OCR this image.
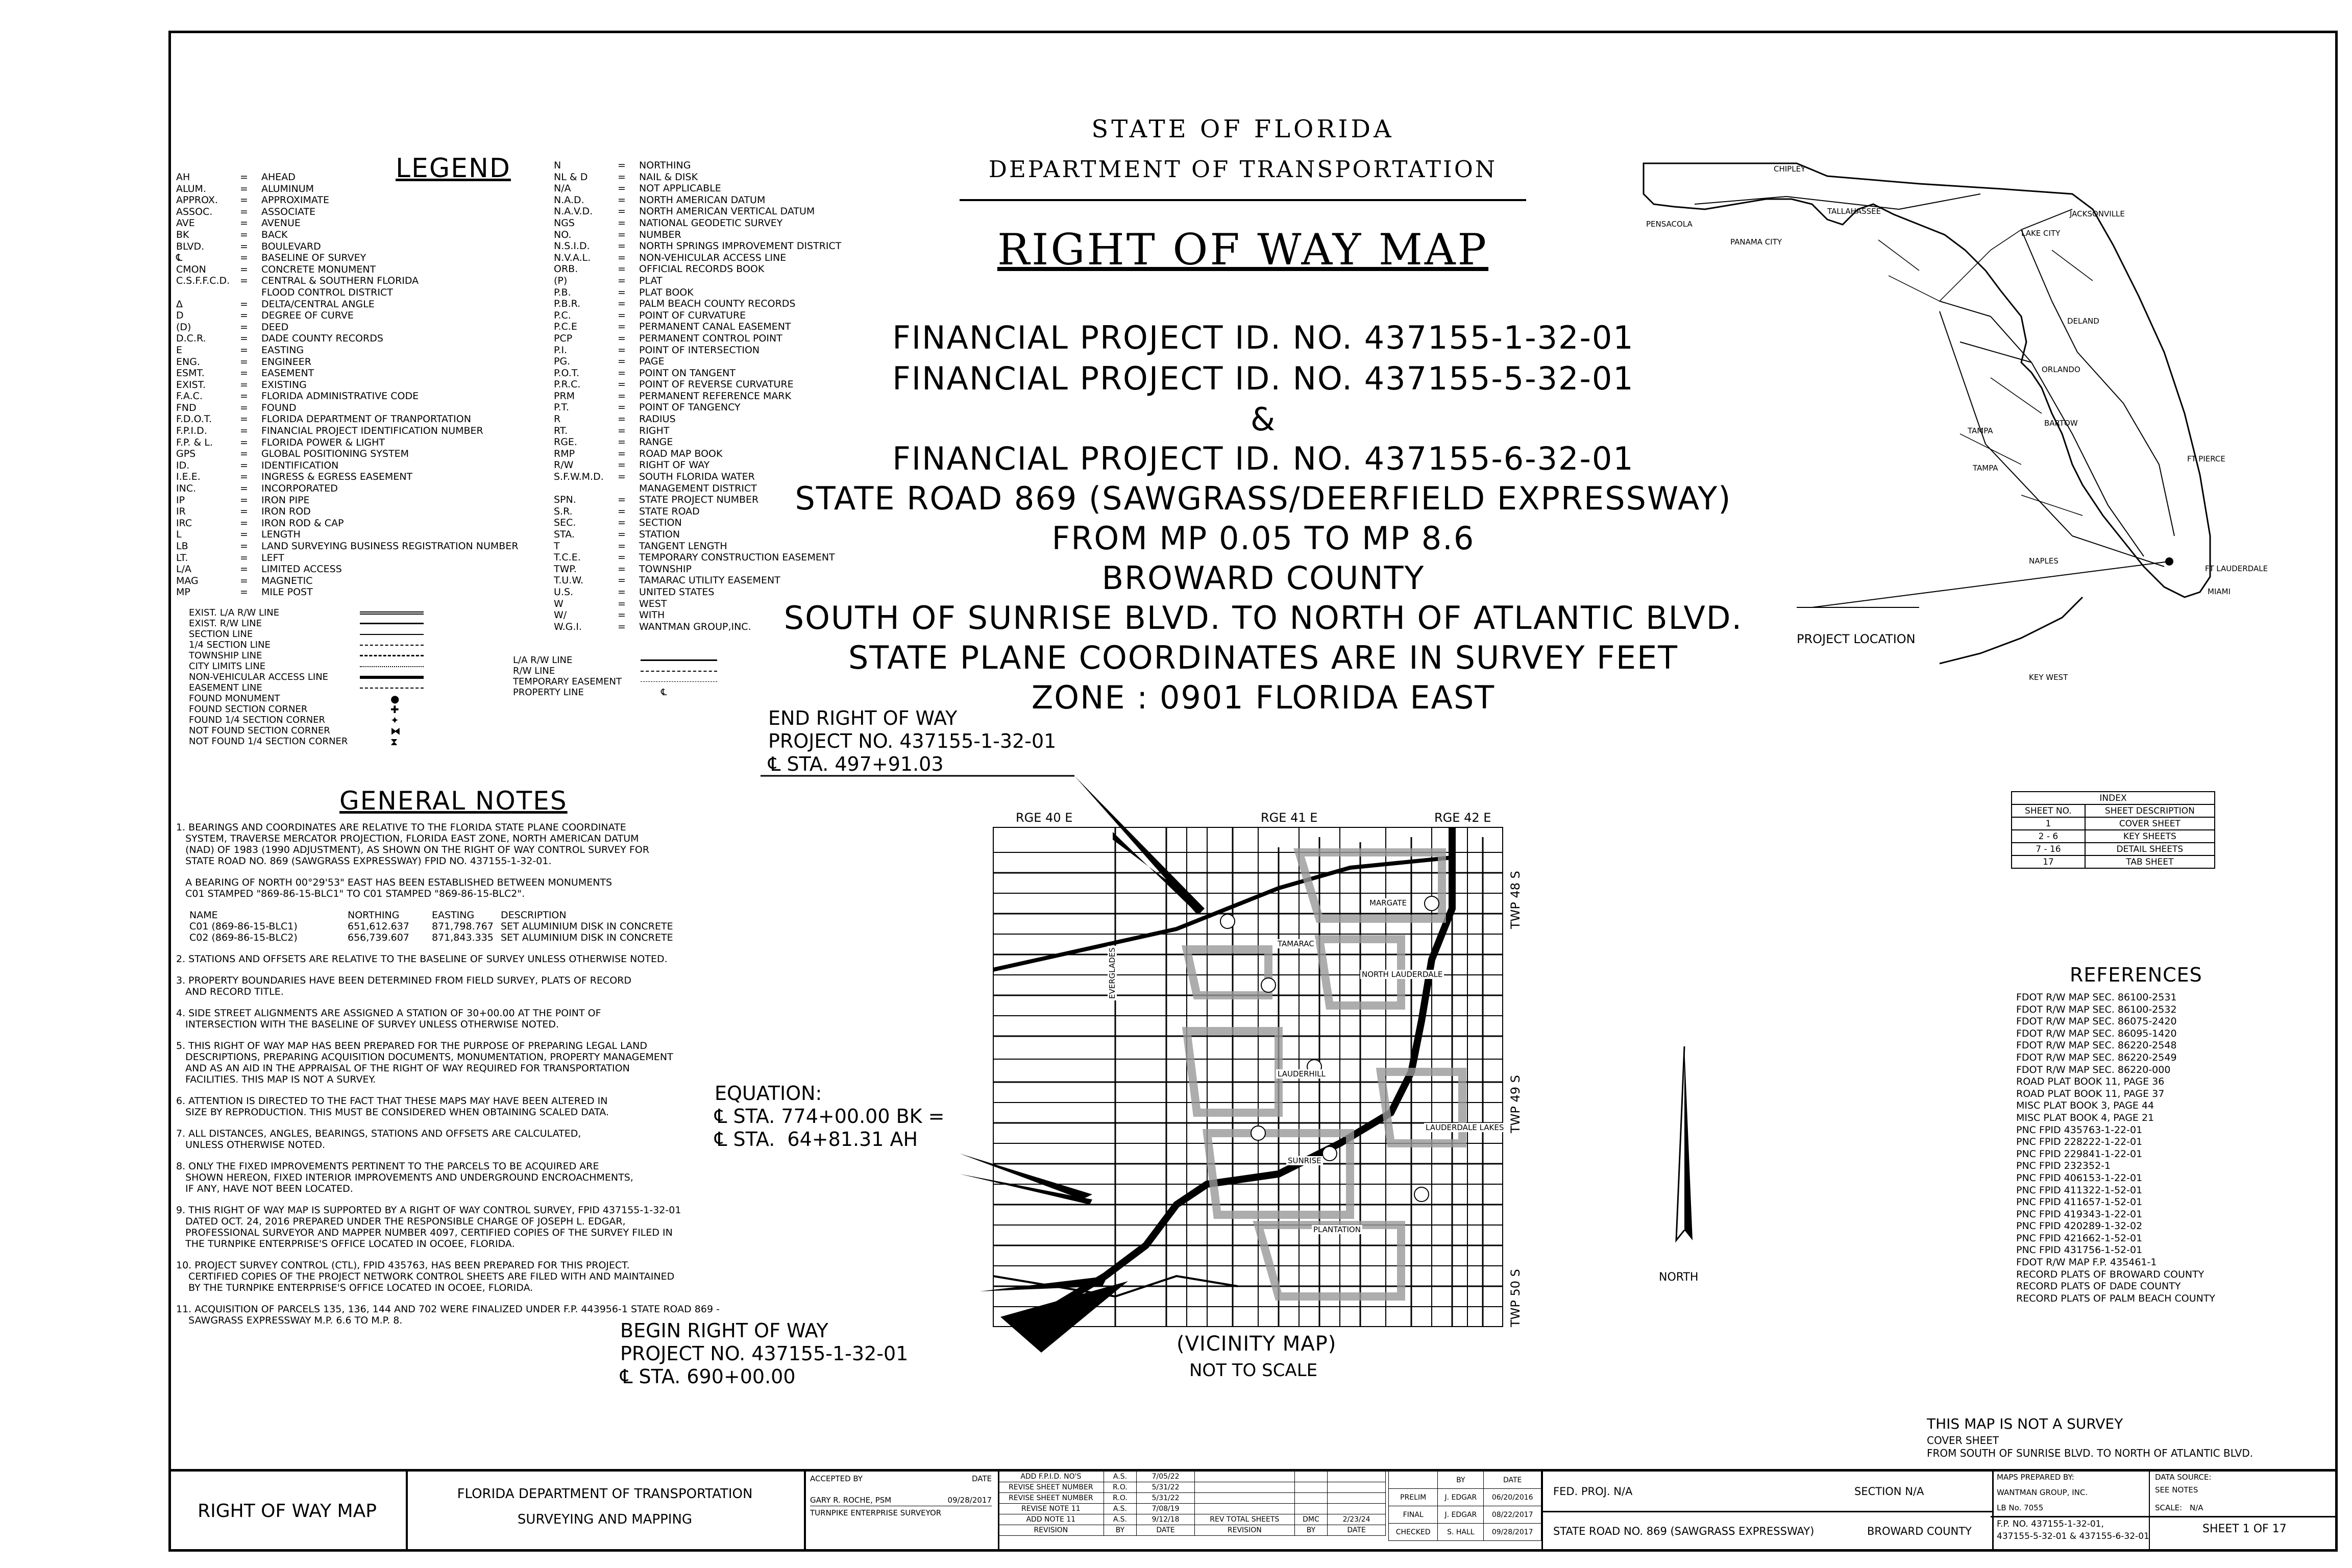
LEGEND
AH	=	AHEAD
ALUM.	=	ALUMINUM
APPROX.	=	APPROXIMATE
ASSOC.	=	ASSOCIATE
AVE	=	AVENUE
BK	=	BACK
BLVD.	=	BOULEVARD
℄	=	BASELINE OF SURVEY
CMON	=	CONCRETE MONUMENT
C.S.F.F.C.D.	=	CENTRAL & SOUTHERN FLORIDA
FLOOD CONTROL DISTRICT
Δ	=	DELTA/CENTRAL ANGLE
D	=	DEGREE OF CURVE
(D)	=	DEED
D.C.R.	=	DADE COUNTY RECORDS
E	=	EASTING
ENG.	=	ENGINEER
ESMT.	=	EASEMENT
EXIST.	=	EXISTING
F.A.C.	=	FLORIDA ADMINISTRATIVE CODE
FND	=	FOUND
F.D.O.T.	=	FLORIDA DEPARTMENT OF TRANPORTATION
F.P.I.D.	=	FINANCIAL PROJECT IDENTIFICATION NUMBER
F.P. & L.	=	FLORIDA POWER & LIGHT
GPS	=	GLOBAL POSITIONING SYSTEM
ID.	=	IDENTIFICATION
I.E.E.	=	INGRESS & EGRESS EASEMENT
INC.	=	INCORPORATED
IP	=	IRON PIPE
IR	=	IRON ROD
IRC	=	IRON ROD & CAP
L	=	LENGTH
LB	=	LAND SURVEYING BUSINESS REGISTRATION NUMBER
LT.	=	LEFT
L/A	=	LIMITED ACCESS
MAG	=	MAGNETIC
MP	=	MILE POST
N	=	NORTHING
NL & D	=	NAIL & DISK
N/A	=	NOT APPLICABLE
N.A.D.	=	NORTH AMERICAN DATUM
N.A.V.D.	=	NORTH AMERICAN VERTICAL DATUM
NGS	=	NATIONAL GEODETIC SURVEY
NO.	=	NUMBER
N.S.I.D.	=	NORTH SPRINGS IMPROVEMENT DISTRICT
N.V.A.L.	=	NON-VEHICULAR ACCESS LINE
ORB.	=	OFFICIAL RECORDS BOOK
(P)	=	PLAT
P.B.	=	PLAT BOOK
P.B.R.	=	PALM BEACH COUNTY RECORDS
P.C.	=	POINT OF CURVATURE
P.C.E	=	PERMANENT CANAL EASEMENT
PCP	=	PERMANENT CONTROL POINT
P.I.	=	POINT OF INTERSECTION
PG.	=	PAGE
P.O.T.	=	POINT ON TANGENT
P.R.C.	=	POINT OF REVERSE CURVATURE
PRM	=	PERMANENT REFERENCE MARK
P.T.	=	POINT OF TANGENCY
R	=	RADIUS
RT.	=	RIGHT
RGE.	=	RANGE
RMP	=	ROAD MAP BOOK
R/W	=	RIGHT OF WAY
S.F.W.M.D.	=	SOUTH FLORIDA WATER
MANAGEMENT DISTRICT
SPN.	=	STATE PROJECT NUMBER
S.R.	=	STATE ROAD
SEC.	=	SECTION
STA.	=	STATION
T	=	TANGENT LENGTH
T.C.E.	=	TEMPORARY CONSTRUCTION EASEMENT
TWP.	=	TOWNSHIP
T.U.W.	=	TAMARAC UTILITY EASEMENT
U.S.	=	UNITED STATES
W	=	WEST
W/	=	WITH
W.G.I.	=	WANTMAN GROUP,INC.
EXIST. L/A R/W LINE
EXIST. R/W LINE
SECTION LINE
1/4 SECTION LINE
TOWNSHIP LINE
CITY LIMITS LINE
NON-VEHICULAR ACCESS LINE
EASEMENT LINE
FOUND MONUMENT	●
FOUND SECTION CORNER	✚
FOUND 1/4 SECTION CORNER	✦
NOT FOUND SECTION CORNER	⧓
NOT FOUND 1/4 SECTION CORNER	⧗
L/A R/W LINE
R/W LINE
TEMPORARY EASEMENT
PROPERTY LINE	℄
GENERAL NOTES
1. BEARINGS AND COORDINATES ARE RELATIVE TO THE FLORIDA STATE PLANE COORDINATE
SYSTEM, TRAVERSE MERCATOR PROJECTION, FLORIDA EAST ZONE, NORTH AMERICAN DATUM
(NAD) OF 1983 (1990 ADJUSTMENT), AS SHOWN ON THE RIGHT OF WAY CONTROL SURVEY FOR
STATE ROAD NO. 869 (SAWGRASS EXPRESSWAY) FPID NO. 437155-1-32-01.
A BEARING OF NORTH 00°29'53" EAST HAS BEEN ESTABLISHED BETWEEN MONUMENTS
C01 STAMPED "869-86-15-BLC1" TO C01 STAMPED "869-86-15-BLC2".
NAME	NORTHING	EASTING	DESCRIPTION
C01 (869-86-15-BLC1)	651,612.637	871,798.767 SET ALUMINIUM DISK IN CONCRETE
C02 (869-86-15-BLC2)	656,739.607	871,843.335 SET ALUMINIUM DISK IN CONCRETE
2. STATIONS AND OFFSETS ARE RELATIVE TO THE BASELINE OF SURVEY UNLESS OTHERWISE NOTED.
3. PROPERTY BOUNDARIES HAVE BEEN DETERMINED FROM FIELD SURVEY, PLATS OF RECORD
AND RECORD TITLE.
4. SIDE STREET ALIGNMENTS ARE ASSIGNED A STATION OF 30+00.00 AT THE POINT OF
INTERSECTION WITH THE BASELINE OF SURVEY UNLESS OTHERWISE NOTED.
5. THIS RIGHT OF WAY MAP HAS BEEN PREPARED FOR THE PURPOSE OF PREPARING LEGAL LAND
DESCRIPTIONS, PREPARING ACQUISITION DOCUMENTS, MONUMENTATION, PROPERTY MANAGEMENT
AND AS AN AID IN THE APPRAISAL OF THE RIGHT OF WAY REQUIRED FOR TRANSPORTATION
FACILITIES. THIS MAP IS NOT A SURVEY.
6. ATTENTION IS DIRECTED TO THE FACT THAT THESE MAPS MAY HAVE BEEN ALTERED IN
SIZE BY REPRODUCTION. THIS MUST BE CONSIDERED WHEN OBTAINING SCALED DATA.
7. ALL DISTANCES, ANGLES, BEARINGS, STATIONS AND OFFSETS ARE CALCULATED,
UNLESS OTHERWISE NOTED.
8. ONLY THE FIXED IMPROVEMENTS PERTINENT TO THE PARCELS TO BE ACQUIRED ARE
SHOWN HEREON, FIXED INTERIOR IMPROVEMENTS AND UNDERGROUND ENCROACHMENTS,
IF ANY, HAVE NOT BEEN LOCATED.
9. THIS RIGHT OF WAY MAP IS SUPPORTED BY A RIGHT OF WAY CONTROL SURVEY, FPID 437155-1-32-01
DATED OCT. 24, 2016 PREPARED UNDER THE RESPONSIBLE CHARGE OF JOSEPH L. EDGAR,
PROFESSIONAL SURVEYOR AND MAPPER NUMBER 4097, CERTIFIED COPIES OF THE SURVEY FILED IN
THE TURNPIKE ENTERPRISE'S OFFICE LOCATED IN OCOEE, FLORIDA.
10. PROJECT SURVEY CONTROL (CTL), FPID 435763, HAS BEEN PREPARED FOR THIS PROJECT.
CERTIFIED COPIES OF THE PROJECT NETWORK CONTROL SHEETS ARE FILED WITH AND MAINTAINED
BY THE TURNPIKE ENTERPRISE'S OFFICE LOCATED IN OCOEE, FLORIDA.
11. ACQUISITION OF PARCELS 135, 136, 144 AND 702 WERE FINALIZED UNDER F.P. 443956-1 STATE ROAD 869 -
SAWGRASS EXPRESSWAY M.P. 6.6 TO M.P. 8.
STATE OF FLORIDA
DEPARTMENT OF TRANSPORTATION
RIGHT OF WAY MAP
FINANCIAL PROJECT ID. NO. 437155-1-32-01
FINANCIAL PROJECT ID. NO. 437155-5-32-01
&
FINANCIAL PROJECT ID. NO. 437155-6-32-01
STATE ROAD 869 (SAWGRASS/DEERFIELD EXPRESSWAY)
FROM MP 0.05 TO MP 8.6
BROWARD COUNTY
SOUTH OF SUNRISE BLVD. TO NORTH OF ATLANTIC BLVD.
STATE PLANE COORDINATES ARE IN SURVEY FEET
ZONE : 0901 FLORIDA EAST
PROJECT LOCATION
(VICINITY MAP)
NOT TO SCALE
NORTH
END RIGHT OF WAY
PROJECT NO. 437155-1-32-01
℄ STA. 497+91.03
EQUATION:
℄ STA. 774+00.00 BK =
℄ STA.  64+81.31 AH
BEGIN RIGHT OF WAY
PROJECT NO. 437155-1-32-01
℄ STA. 690+00.00
INDEX	
SHEET NO.	SHEET DESCRIPTION
1	COVER SHEET
2 - 6	KEY SHEETS
7 - 16	DETAIL SHEETS
17	TAB SHEET
REFERENCES
FDOT R/W MAP SEC. 86100-2531
FDOT R/W MAP SEC. 86100-2532
FDOT R/W MAP SEC. 86075-2420
FDOT R/W MAP SEC. 86095-1420
FDOT R/W MAP SEC. 86220-2548
FDOT R/W MAP SEC. 86220-2549
FDOT R/W MAP SEC. 86220-000
ROAD PLAT BOOK 11, PAGE 36
ROAD PLAT BOOK 11, PAGE 37
MISC PLAT BOOK 3, PAGE 44
MISC PLAT BOOK 4, PAGE 21
PNC FPID 435763-1-22-01
PNC FPID 228222-1-22-01
PNC FPID 229841-1-22-01
PNC FPID 232352-1
PNC FPID 406153-1-22-01
PNC FPID 411322-1-52-01
PNC FPID 411657-1-52-01
PNC FPID 419343-1-22-01
PNC FPID 420289-1-32-02
PNC FPID 421662-1-52-01
PNC FPID 431756-1-52-01
FDOT R/W MAP F.P. 435461-1
RECORD PLATS OF BROWARD COUNTY
RECORD PLATS OF DADE COUNTY
RECORD PLATS OF PALM BEACH COUNTY
THIS MAP IS NOT A SURVEY
COVER SHEET
FROM SOUTH OF SUNRISE BLVD. TO NORTH OF ATLANTIC BLVD.
RIGHT OF WAY MAP
FLORIDA DEPARTMENT OF TRANSPORTATION
SURVEYING AND MAPPING
ACCEPTED BY	DATE
GARY R. ROCHE, PSM	09/28/2017
TURNPIKE ENTERPRISE SURVEYOR
ADD F.P.I.D. NO'S	A.S.	7/05/22			
REVISE SHEET NUMBER	R.O.	5/31/22			
REVISE SHEET NUMBER	R.O.	5/31/22			
REVISE NOTE 11	A.S.	7/08/19			
ADD NOTE 11	A.S.	9/12/18	REV TOTAL SHEETS	DMC	2/23/24
REVISION	BY	DATE	REVISION	BY	DATE
	BY	DATE
PRELIM	J. EDGAR	06/20/2016
FINAL	J. EDGAR	08/22/2017
CHECKED	S. HALL	09/28/2017
FED. PROJ. N/A	SECTION N/A
STATE ROAD NO. 869 (SAWGRASS EXPRESSWAY)	BROWARD COUNTY
MAPS PREPARED BY:
WANTMAN GROUP, INC.
LB No. 7055
DATA SOURCE:
SEE NOTES
SCALE: N/A
F.P. NO. 437155-1-32-01,
437155-5-32-01 & 437155-6-32-01
SHEET 1 OF 17
PENSACOLA
CHIPLEY
TALLAHASSEE
PANAMA CITY
LAKE CITY
JACKSONVILLE
DELAND
ORLANDO
TAMPA
BARTOW
TAMPA
FT PIERCE
NAPLES
FT LAUDERDALE
MIAMI
KEY WEST
RGE 40 E	RGE 41 E	RGE 42 E
TWP 48 S
TWP 49 S
TWP 50 S
MARGATE
TAMARAC
NORTH LAUDERDALE
LAUDERHILL
LAUDERDALE LAKES
SUNRISE
PLANTATION
EVERGLADES
